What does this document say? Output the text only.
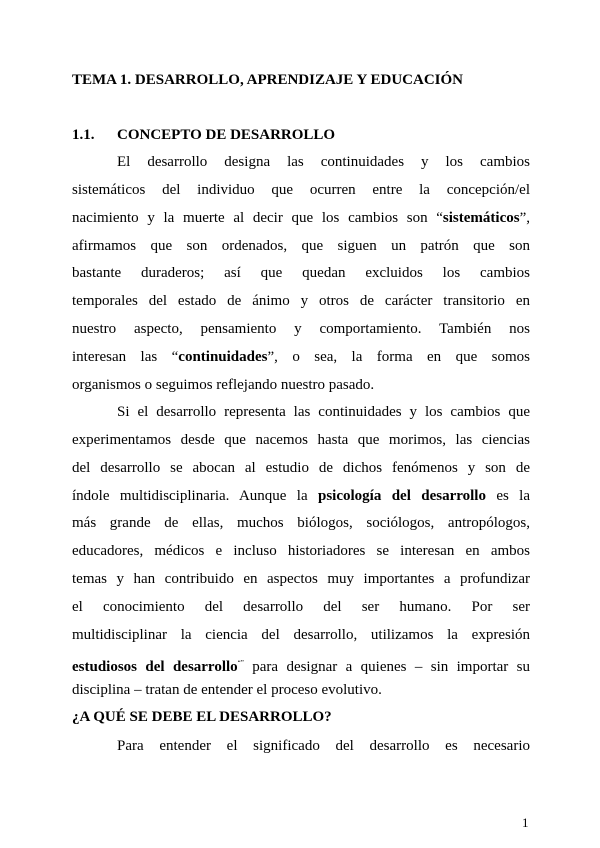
TEMA 1. DESARROLLO, APRENDIZAJE Y EDUCACIÓN
1.1. CONCEPTO DE DESARROLLO
El desarrollo designa las continuidades y los cambios
sistemáticos del individuo que ocurren entre la concepción/el
nacimiento y la muerte al decir que los cambios son “sistemáticos”,
afirmamos que son ordenados, que siguen un patrón que son
bastante duraderos; así que quedan excluidos los cambios
temporales del estado de ánimo y otros de carácter transitorio en
nuestro aspecto, pensamiento y comportamiento. También nos
interesan las “continuidades”, o sea, la forma en que somos
organismos o seguimos reflejando nuestro pasado.
Si el desarrollo representa las continuidades y los cambios que
experimentamos desde que nacemos hasta que morimos, las ciencias
del desarrollo se abocan al estudio de dichos fenómenos y son de
índole multidisciplinaria. Aunque la psicología del desarrollo es la
más grande de ellas, muchos biólogos, sociólogos, antropólogos,
educadores, médicos e incluso historiadores se interesan en ambos
temas y han contribuido en aspectos muy importantes a profundizar
el conocimiento del desarrollo del ser humano. Por ser
multidisciplinar la ciencia del desarrollo, utilizamos la expresión
estudiosos del desarrollo“” para designar a quienes – sin importar su
disciplina – tratan de entender el proceso evolutivo.
¿A QUÉ SE DEBE EL DESARROLLO?
Para entender el significado del desarrollo es necesario
1
